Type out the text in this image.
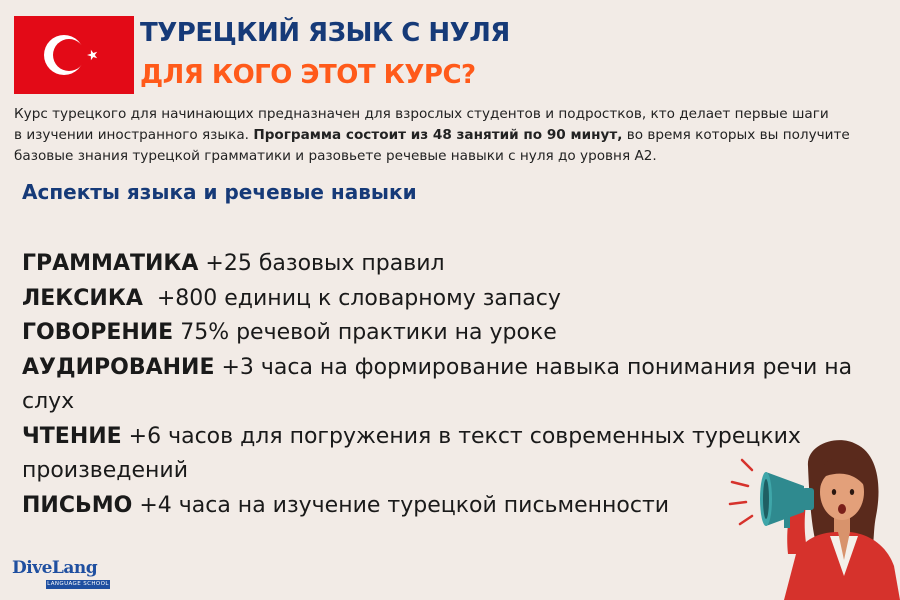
ТУРЕЦКИЙ ЯЗЫК С НУЛЯ
ДЛЯ КОГО ЭТОТ КУРС?
Курс турецкого для начинающих предназначен для взрослых студентов и подростков, кто делает первые шаги
в изучении иностранного языка. Программа состоит из 48 занятий по 90 минут, во время которых вы получите
базовые знания турецкой грамматики и разовьете речевые навыки с нуля до уровня А2.
Аспекты языка и речевые навыки
ГРАММАТИКА +25 базовых правил
ЛЕКСИКА  +800 единиц к словарному запасу
ГОВОРЕНИЕ 75% речевой практики на уроке
АУДИРОВАНИЕ +3 часа на формирование навыка понимания речи на слух
ЧТЕНИЕ +6 часов для погружения в текст современных турецких произведений
ПИСЬМО +4 часа на изучение турецкой письменности
DiveLang
LANGUAGE SCHOOL
